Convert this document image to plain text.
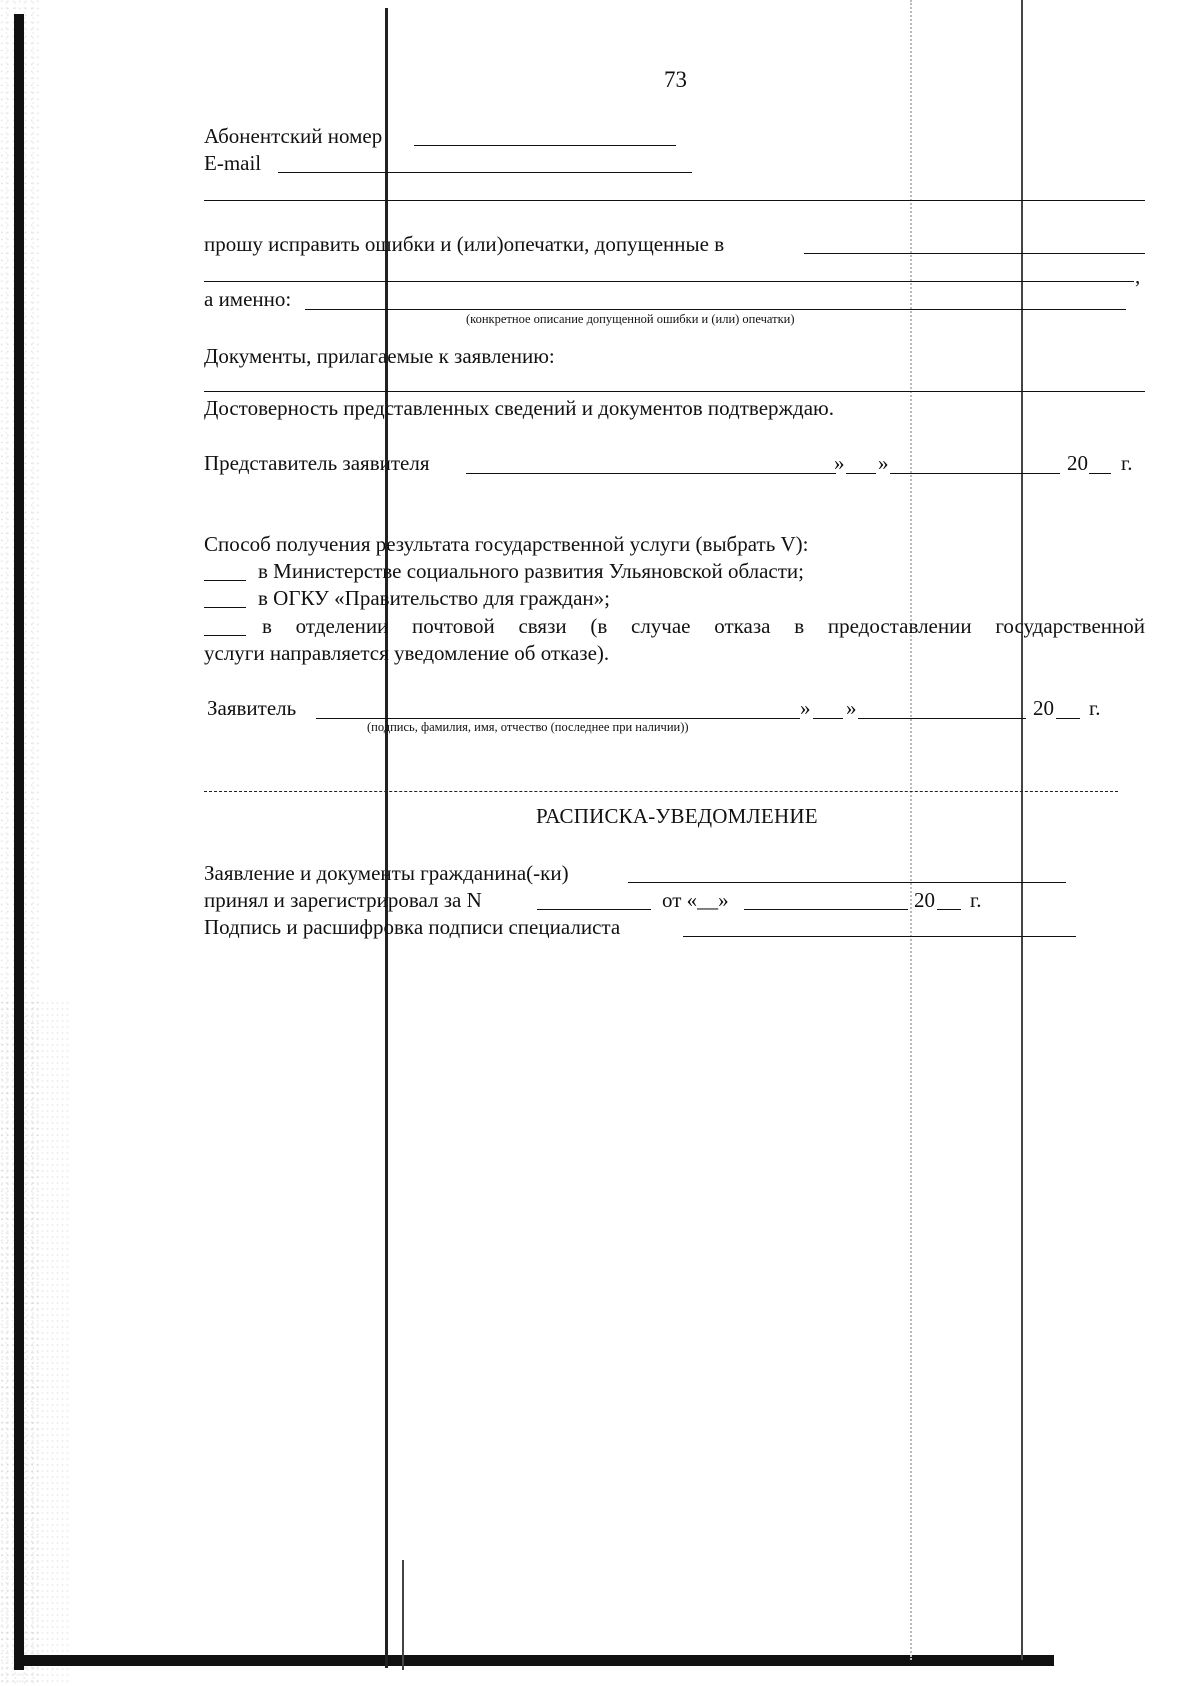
73
Абонентский номер
E-mail
прошу исправить ошибки и (или)опечатки, допущенные в
,
а именно:
(конкретное описание допущенной ошибки и (или) опечатки)
Документы, прилагаемые к заявлению:
Достоверность представленных сведений и документов подтверждаю.
Представитель заявителя	» »	20 г.
Способ получения результата государственной услуги (выбрать V):
в Министерстве социального развития Ульяновской области;
в ОГКУ «Правительство для граждан»;
в отделении почтовой связи (в случае отказа в предоставлении государственной
услуги направляется уведомление об отказе).
Заявитель	» »	20 г.
(подпись, фамилия, имя, отчество (последнее при наличии))
РАСПИСКА-УВЕДОМЛЕНИЕ
Заявление и документы гражданина(-ки)
принял и зарегистрировал за N	от «__»	20 г.
Подпись и расшифровка подписи специалиста
